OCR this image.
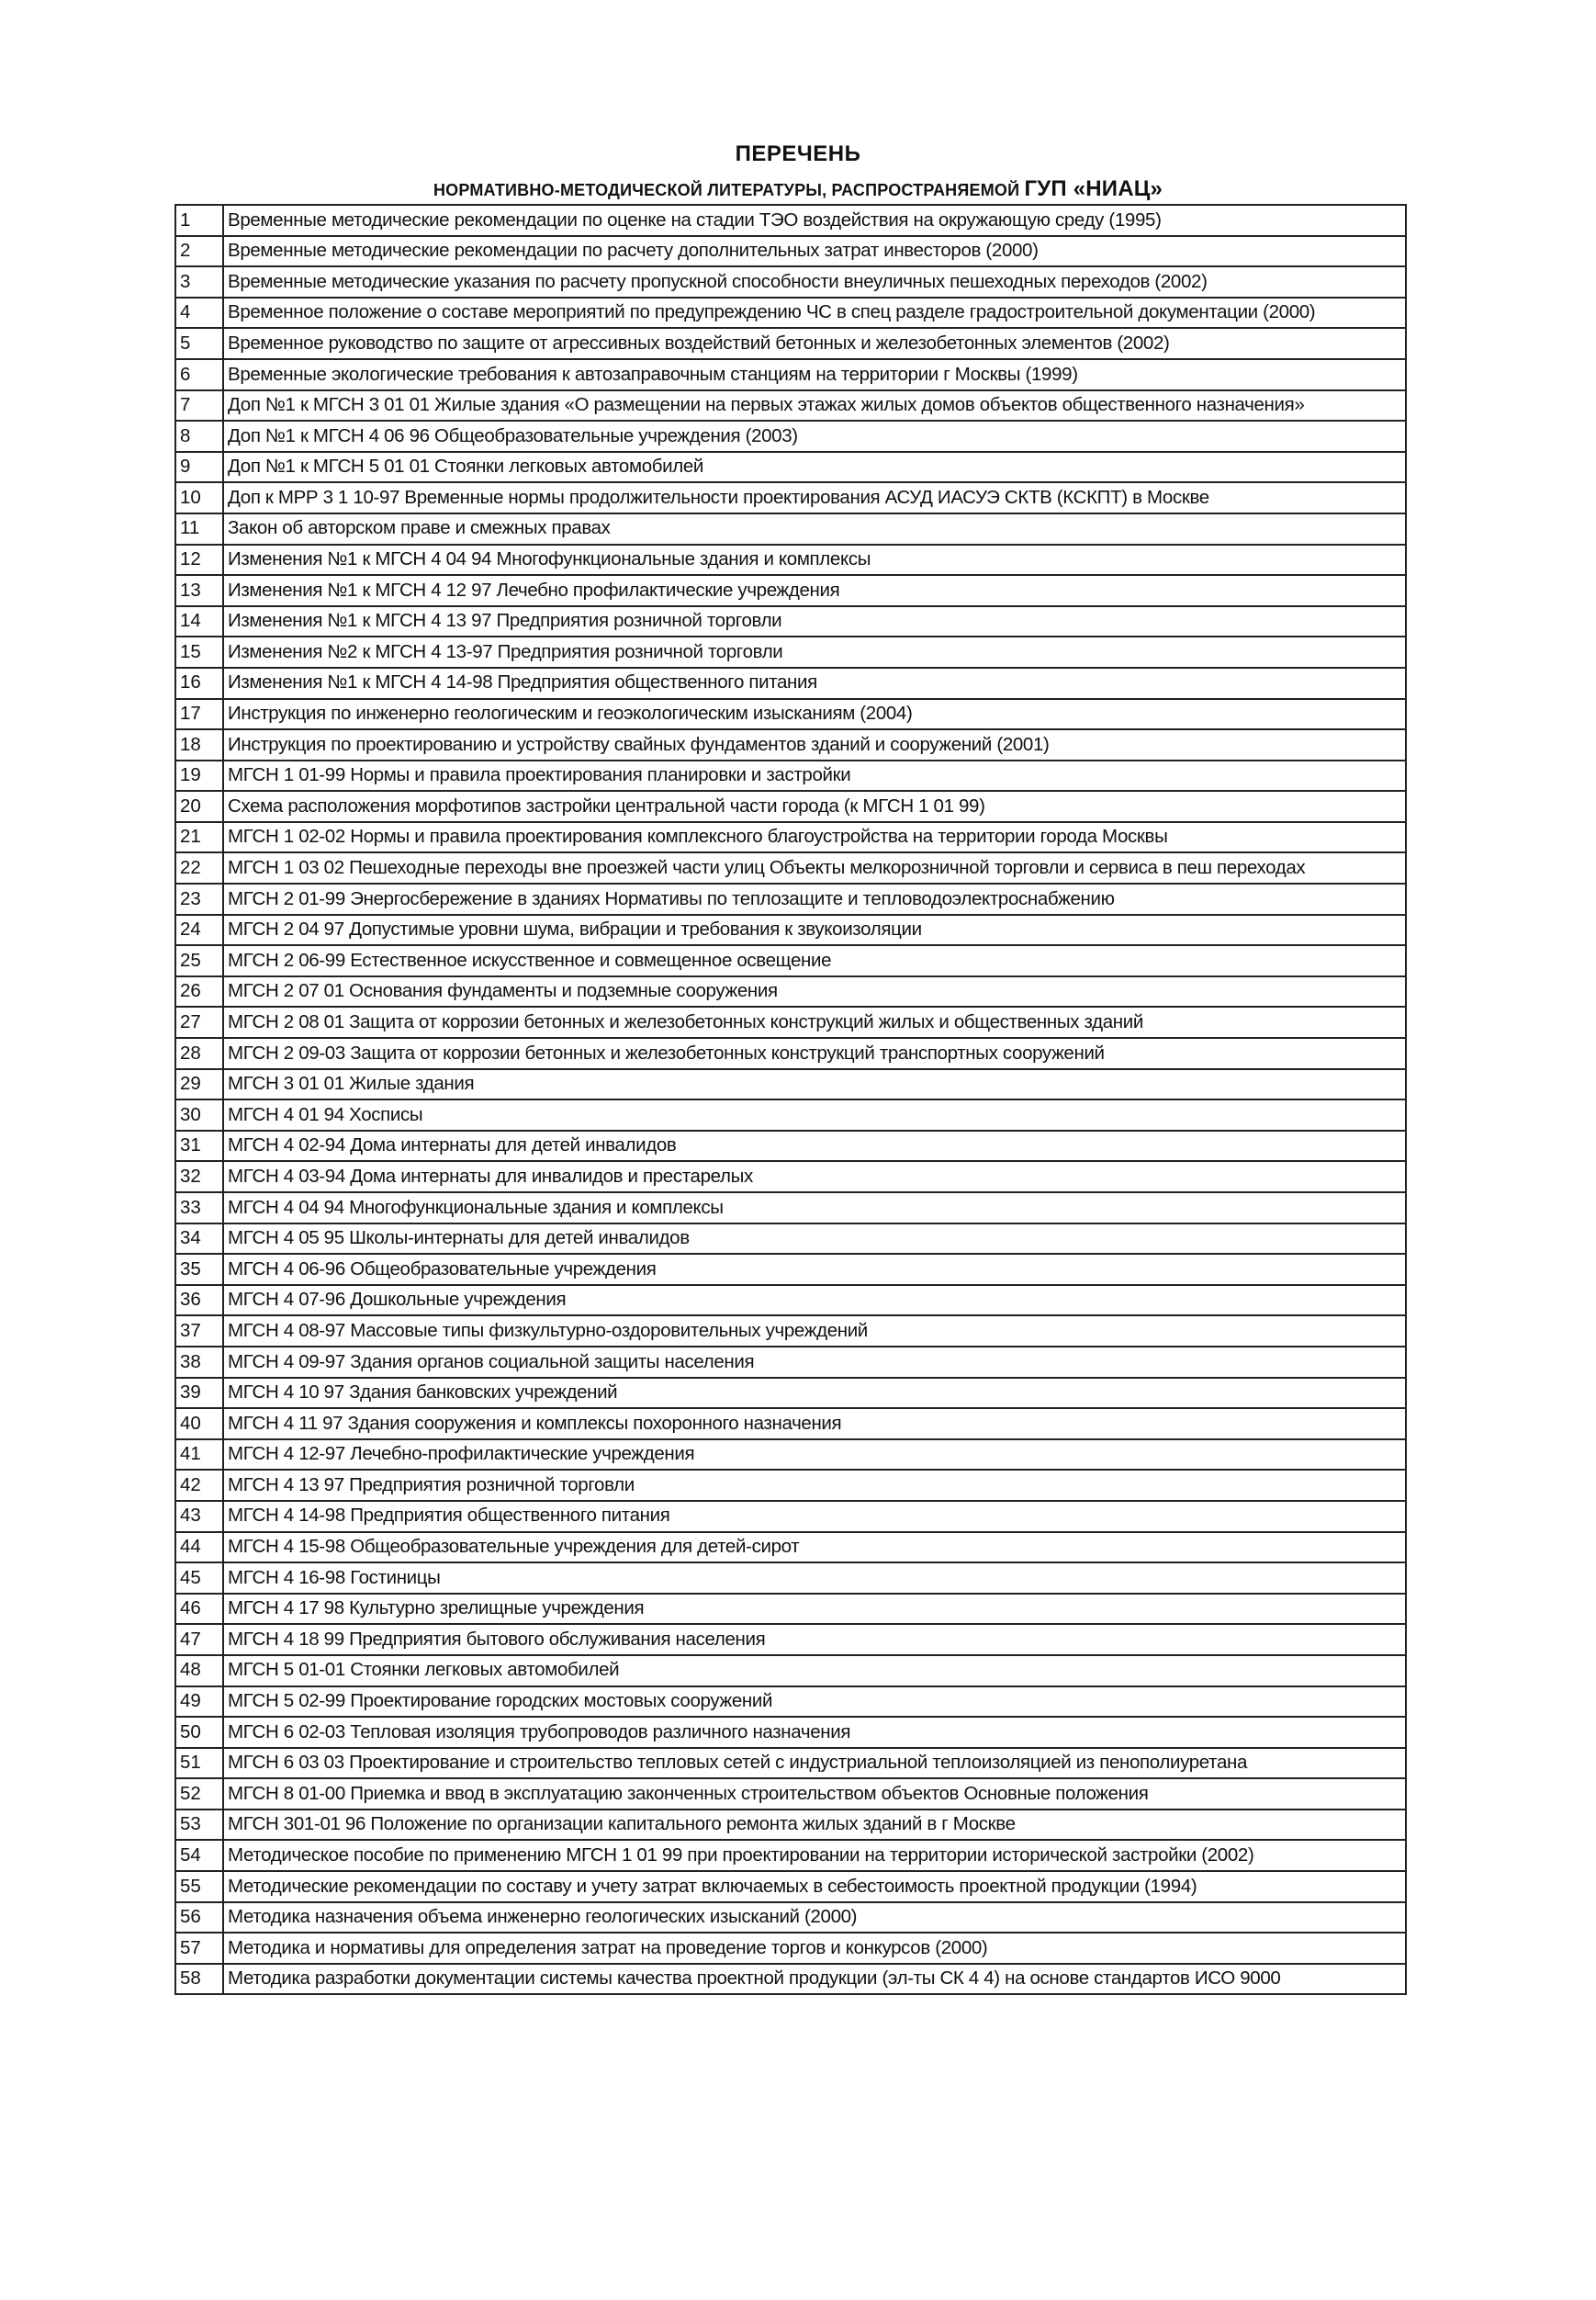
ПЕРЕЧЕНЬ
НОРМАТИВНО-МЕТОДИЧЕСКОЙ ЛИТЕРАТУРЫ, РАСПРОСТРАНЯЕМОЙ ГУП «НИАЦ»
1	Временные методические рекомендации по оценке на стадии ТЭО воздействия на окружающую среду (1995)
2	Временные методические рекомендации по расчету дополнительных затрат инвесторов (2000)
3	Временные методические указания по расчету пропускной способности внеуличных пешеходных переходов (2002)
4	Временное положение о составе мероприятий по предупреждению ЧС в спец разделе градостроительной документации (2000)
5	Временное руководство по защите от агрессивных воздействий бетонных и железобетонных элементов (2002)
6	Временные экологические требования к автозаправочным станциям на территории г Москвы (1999)
7	Доп №1 к МГСН 3 01 01 Жилые здания «О размещении на первых этажах жилых домов объектов общественного назначения»
8	Доп №1 к МГСН 4 06 96 Общеобразовательные учреждения (2003)
9	Доп №1 к МГСН 5 01 01 Стоянки легковых автомобилей
10	Доп к МРР 3 1 10-97 Временные нормы продолжительности проектирования АСУД ИАСУЭ СКТВ (КСКПТ) в Москве
11	Закон об авторском праве и смежных правах
12	Изменения №1 к МГСН 4 04 94 Многофункциональные здания и комплексы
13	Изменения №1 к МГСН 4 12 97 Лечебно профилактические учреждения
14	Изменения №1 к МГСН 4 13 97 Предприятия розничной торговли
15	Изменения №2 к МГСН 4 13-97 Предприятия розничной торговли
16	Изменения №1 к МГСН 4 14-98 Предприятия общественного питания
17	Инструкция по инженерно геологическим и геоэкологическим изысканиям (2004)
18	Инструкция по проектированию и устройству свайных фундаментов зданий и сооружений (2001)
19	МГСН 1 01-99 Нормы и правила проектирования планировки и застройки
20	Схема расположения морфотипов застройки центральной части города (к МГСН 1 01 99)
21	МГСН 1 02-02 Нормы и правила проектирования комплексного благоустройства на территории города Москвы
22	МГСН 1 03 02 Пешеходные переходы вне проезжей части улиц Объекты мелкорозничной торговли и сервиса в пеш переходах
23	МГСН 2 01-99 Энергосбережение в зданиях Нормативы по теплозащите и тепловодоэлектроснабжению
24	МГСН 2 04 97 Допустимые уровни шума, вибрации и требования к звукоизоляции
25	МГСН 2 06-99 Естественное искусственное и совмещенное освещение
26	МГСН 2 07 01 Основания фундаменты и подземные сооружения
27	МГСН 2 08 01 Защита от коррозии бетонных и железобетонных конструкций жилых и общественных зданий
28	МГСН 2 09-03 Защита от коррозии бетонных и железобетонных конструкций транспортных сооружений
29	МГСН 3 01 01 Жилые здания
30	МГСН 4 01 94 Хосписы
31	МГСН 4 02-94 Дома интернаты для детей инвалидов
32	МГСН 4 03-94 Дома интернаты для инвалидов и престарелых
33	МГСН 4 04 94 Многофункциональные здания и комплексы
34	МГСН 4 05 95 Школы-интернаты для детей инвалидов
35	МГСН 4 06-96 Общеобразовательные учреждения
36	МГСН 4 07-96 Дошкольные учреждения
37	МГСН 4 08-97 Массовые типы физкультурно-оздоровительных учреждений
38	МГСН 4 09-97 Здания органов социальной защиты населения
39	МГСН 4 10 97 Здания банковских учреждений
40	МГСН 4 11 97 Здания сооружения и комплексы похоронного назначения
41	МГСН 4 12-97 Лечебно-профилактические учреждения
42	МГСН 4 13 97 Предприятия розничной торговли
43	МГСН 4 14-98 Предприятия общественного питания
44	МГСН 4 15-98 Общеобразовательные учреждения для детей-сирот
45	МГСН 4 16-98 Гостиницы
46	МГСН 4 17 98 Культурно зрелищные учреждения
47	МГСН 4 18 99 Предприятия бытового обслуживания населения
48	МГСН 5 01-01 Стоянки легковых автомобилей
49	МГСН 5 02-99 Проектирование городских мостовых сооружений
50	МГСН 6 02-03 Тепловая изоляция трубопроводов различного назначения
51	МГСН 6 03 03 Проектирование и строительство тепловых сетей с индустриальной теплоизоляцией из пенополиуретана
52	МГСН 8 01-00 Приемка и ввод в эксплуатацию законченных строительством объектов Основные положения
53	МГСН 301-01 96 Положение по организации капитального ремонта жилых зданий в г Москве
54	Методическое пособие по применению МГСН 1 01 99 при проектировании на территории исторической застройки (2002)
55	Методические рекомендации по составу и учету затрат включаемых в себестоимость проектной продукции (1994)
56	Методика назначения объема инженерно геологических изысканий (2000)
57	Методика и нормативы для определения затрат на проведение торгов и конкурсов (2000)
58	Методика разработки документации системы качества проектной продукции (эл-ты СК 4 4) на основе стандартов ИСО 9000
